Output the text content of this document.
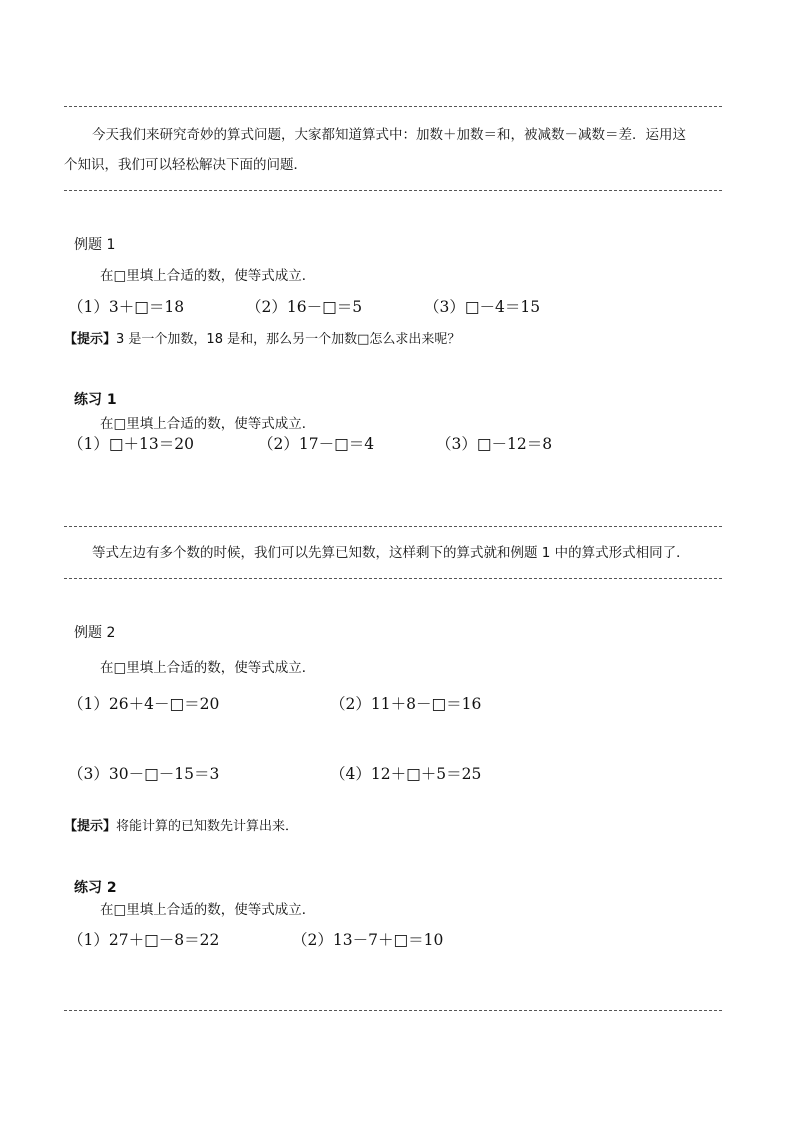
今天我们来研究奇妙的算式问题，大家都知道算式中：加数＋加数＝和，被减数－减数＝差．运用这
个知识，我们可以轻松解决下面的问题．
例题 1
在□里填上合适的数，使等式成立．
（1）3＋□＝18	（2）16－□＝5	（3）□－4＝15
【提示】3 是一个加数，18 是和，那么另一个加数□怎么求出来呢？
练习 1
在□里填上合适的数，使等式成立．
（1）□＋13＝20	（2）17－□＝4	（3）□－12＝8
等式左边有多个数的时候，我们可以先算已知数，这样剩下的算式就和例题 1 中的算式形式相同了．
例题 2
在□里填上合适的数，使等式成立．
（1）26＋4－□＝20	（2）11＋8－□＝16
（3）30－□－15＝3	（4）12＋□＋5＝25
【提示】将能计算的已知数先计算出来．
练习 2
在□里填上合适的数，使等式成立．
（1）27＋□－8＝22	（2）13－7＋□＝10
